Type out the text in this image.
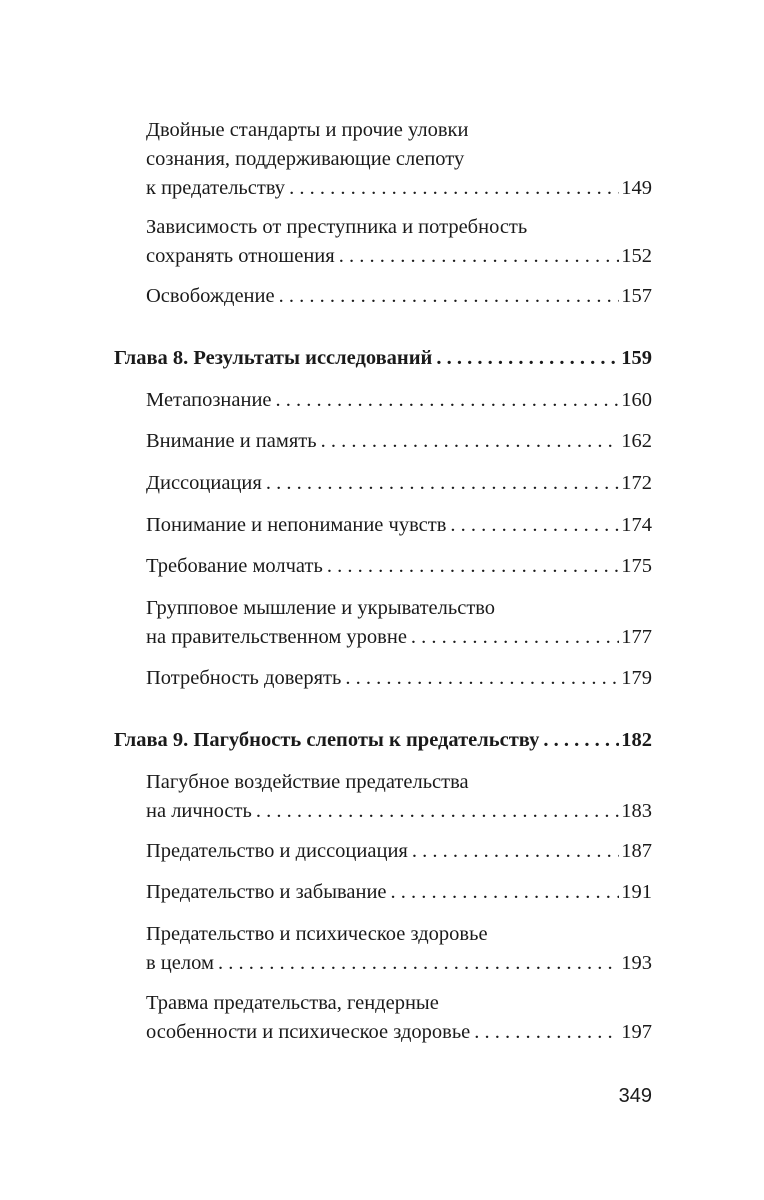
Двойные стандарты и прочие уловки
сознания, поддерживающие слепоту
к предательству . . .	149
Зависимость от преступника и потребность
сохранять отношения . . .	152
Освобождение . . .	157
Глава 8. Результаты исследований . . .	159
Метапознание . . .	160
Внимание и память . . .	162
Диссоциация . . .	172
Понимание и непонимание чувств . . .	174
Требование молчать . . .	175
Групповое мышление и укрывательство
на правительственном уровне . . .	177
Потребность доверять . . .	179
Глава 9. Пагубность слепоты к предательству . . .	182
Пагубное воздействие предательства
на личность . . .	183
Предательство и диссоциация . . .	187
Предательство и забывание . . .	191
Предательство и психическое здоровье
в целом . . .	193
Травма предательства, гендерные
особенности и психическое здоровье . . .	197
349
